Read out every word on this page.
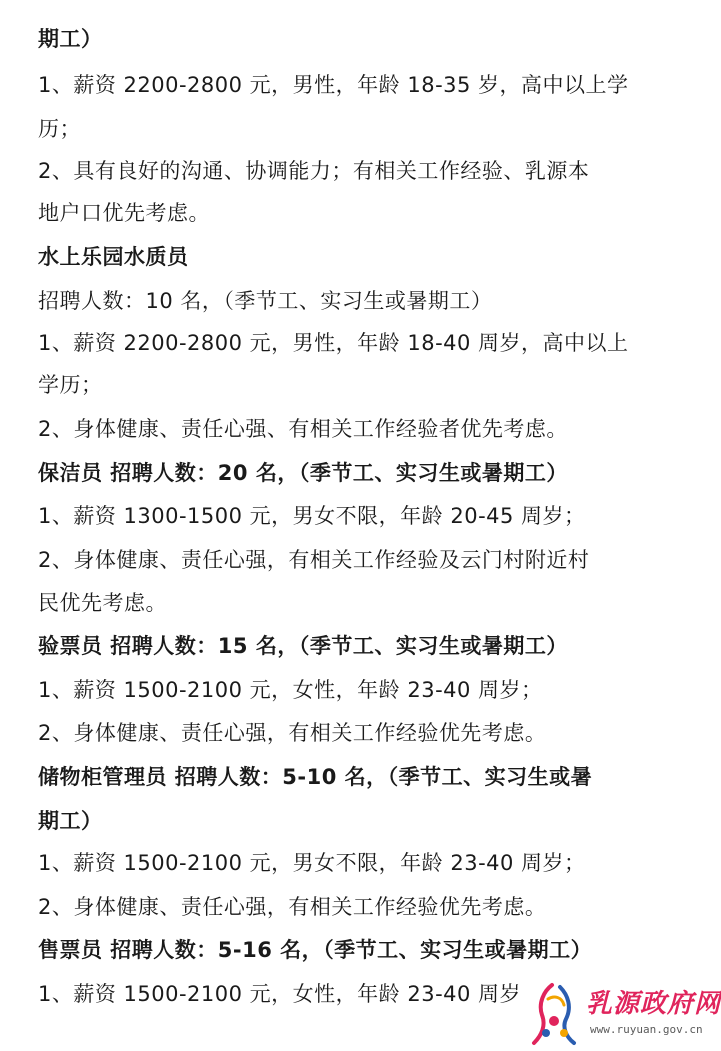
期工）
1、薪资 2200-2800 元，男性，年龄 18-35 岁，高中以上学
历；
2、具有良好的沟通、协调能力；有相关工作经验、乳源本
地户口优先考虑。
水上乐园水质员
招聘人数：10 名，（季节工、实习生或暑期工）
1、薪资 2200-2800 元，男性，年龄 18-40 周岁，高中以上
学历；
2、身体健康、责任心强、有相关工作经验者优先考虑。
保洁员 招聘人数：20 名，（季节工、实习生或暑期工）
1、薪资 1300-1500 元，男女不限，年龄 20-45 周岁；
2、身体健康、责任心强，有相关工作经验及云门村附近村
民优先考虑。
验票员 招聘人数：15 名，（季节工、实习生或暑期工）
1、薪资 1500-2100 元，女性，年龄 23-40 周岁；
2、身体健康、责任心强，有相关工作经验优先考虑。
储物柜管理员 招聘人数：5-10 名，（季节工、实习生或暑
期工）
1、薪资 1500-2100 元，男女不限，年龄 23-40 周岁；
2、身体健康、责任心强，有相关工作经验优先考虑。
售票员 招聘人数：5-16 名，（季节工、实习生或暑期工）
1、薪资 1500-2100 元，女性，年龄 23-40 周岁 乳源政府网
www.ruyuan.gov.cn
